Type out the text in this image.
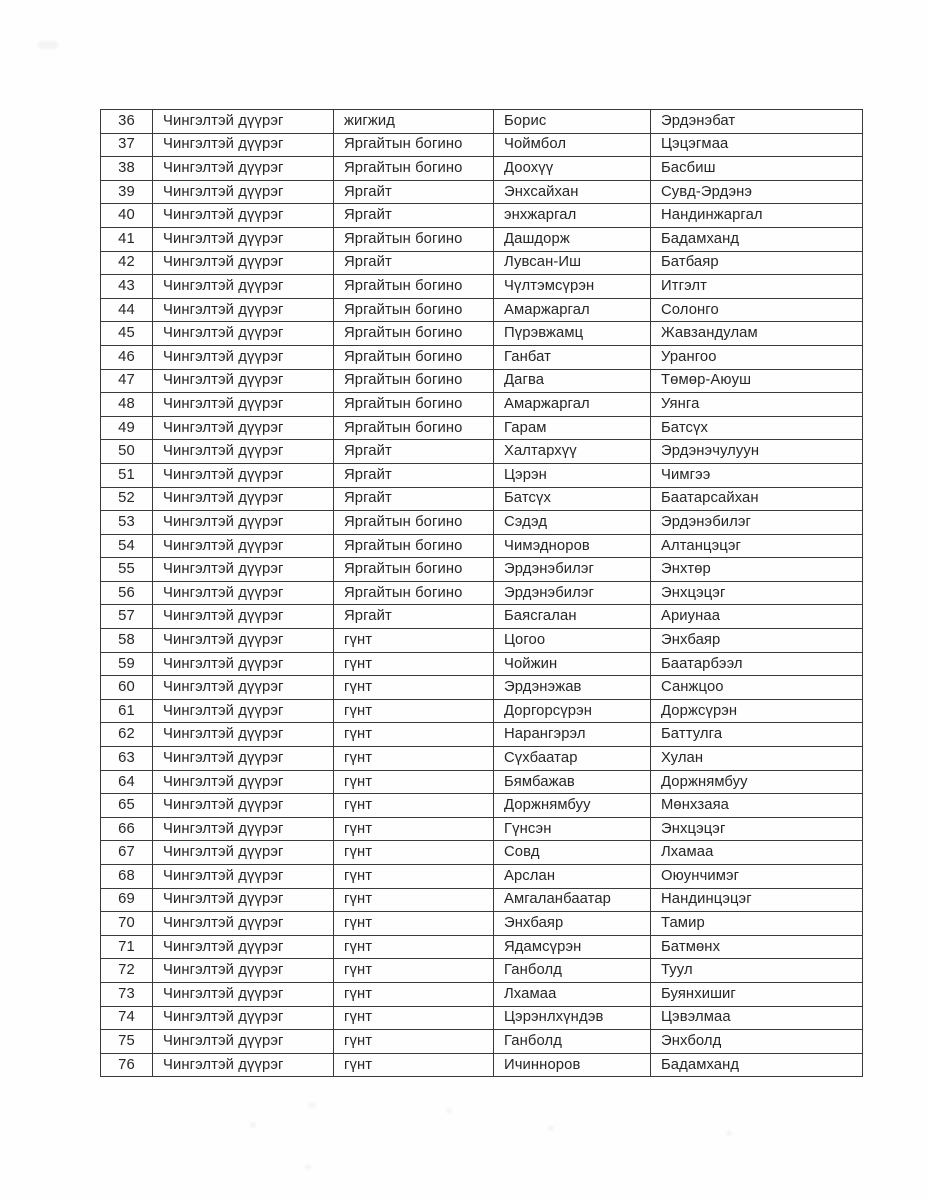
36	Чингэлтэй дүүрэг	жигжид	Борис	Эрдэнэбат
37	Чингэлтэй дүүрэг	Яргайтын богино	Чоймбол	Цэцэгмаа
38	Чингэлтэй дүүрэг	Яргайтын богино	Доохүү	Басбиш
39	Чингэлтэй дүүрэг	Яргайт	Энхсайхан	Сувд-Эрдэнэ
40	Чингэлтэй дүүрэг	Яргайт	энхжаргал	Нандинжаргал
41	Чингэлтэй дүүрэг	Яргайтын богино	Дашдорж	Бадамханд
42	Чингэлтэй дүүрэг	Яргайт	Лувсан-Иш	Батбаяр
43	Чингэлтэй дүүрэг	Яргайтын богино	Чүлтэмсүрэн	Итгэлт
44	Чингэлтэй дүүрэг	Яргайтын богино	Амаржаргал	Солонго
45	Чингэлтэй дүүрэг	Яргайтын богино	Пүрэвжамц	Жавзандулам
46	Чингэлтэй дүүрэг	Яргайтын богино	Ганбат	Урангоо
47	Чингэлтэй дүүрэг	Яргайтын богино	Дагва	Төмөр-Аюуш
48	Чингэлтэй дүүрэг	Яргайтын богино	Амаржаргал	Уянга
49	Чингэлтэй дүүрэг	Яргайтын богино	Гарам	Батсүх
50	Чингэлтэй дүүрэг	Яргайт	Халтархүү	Эрдэнэчулуун
51	Чингэлтэй дүүрэг	Яргайт	Цэрэн	Чимгээ
52	Чингэлтэй дүүрэг	Яргайт	Батсүх	Баатарсайхан
53	Чингэлтэй дүүрэг	Яргайтын богино	Сэдэд	Эрдэнэбилэг
54	Чингэлтэй дүүрэг	Яргайтын богино	Чимэдноров	Алтанцэцэг
55	Чингэлтэй дүүрэг	Яргайтын богино	Эрдэнэбилэг	Энхтөр
56	Чингэлтэй дүүрэг	Яргайтын богино	Эрдэнэбилэг	Энхцэцэг
57	Чингэлтэй дүүрэг	Яргайт	Баясгалан	Ариунаа
58	Чингэлтэй дүүрэг	гүнт	Цогоо	Энхбаяр
59	Чингэлтэй дүүрэг	гүнт	Чойжин	Баатарбээл
60	Чингэлтэй дүүрэг	гүнт	Эрдэнэжав	Санжцоо
61	Чингэлтэй дүүрэг	гүнт	Доргорсүрэн	Доржсүрэн
62	Чингэлтэй дүүрэг	гүнт	Нарангэрэл	Баттулга
63	Чингэлтэй дүүрэг	гүнт	Сүхбаатар	Хулан
64	Чингэлтэй дүүрэг	гүнт	Бямбажав	Доржнямбуу
65	Чингэлтэй дүүрэг	гүнт	Доржнямбуу	Мөнхзаяа
66	Чингэлтэй дүүрэг	гүнт	Гүнсэн	Энхцэцэг
67	Чингэлтэй дүүрэг	гүнт	Совд	Лхамаа
68	Чингэлтэй дүүрэг	гүнт	Арслан	Оюунчимэг
69	Чингэлтэй дүүрэг	гүнт	Амгаланбаатар	Нандинцэцэг
70	Чингэлтэй дүүрэг	гүнт	Энхбаяр	Тамир
71	Чингэлтэй дүүрэг	гүнт	Ядамсүрэн	Батмөнх
72	Чингэлтэй дүүрэг	гүнт	Ганболд	Туул
73	Чингэлтэй дүүрэг	гүнт	Лхамаа	Буянхишиг
74	Чингэлтэй дүүрэг	гүнт	Цэрэнлхүндэв	Цэвэлмаа
75	Чингэлтэй дүүрэг	гүнт	Ганболд	Энхболд
76	Чингэлтэй дүүрэг	гүнт	Ичинноров	Бадамханд
